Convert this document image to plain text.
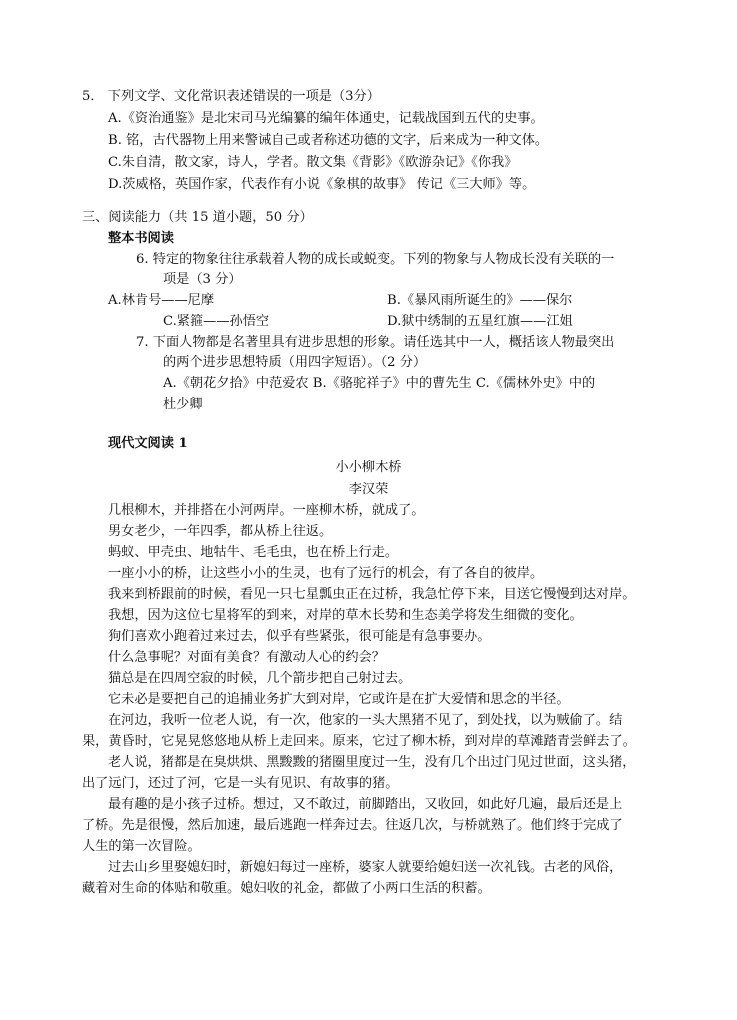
5． 下列文学、文化常识表述错误的一项是（3分）
A.《资治通鉴》是北宋司马光编纂的编年体通史，记载战国到五代的史事。
B. 铭，古代器物上用来警诫自己或者称述功德的文字，后来成为一种文体。
C.朱自清，散文家，诗人，学者。散文集《背影》《欧游杂记》《你我》
D.茨威格，英国作家，代表作有小说《象棋的故事》 传记《三大师》等。
三、阅读能力（共 15 道小题，50 分）
整本书阅读
6. 特定的物象往往承载着人物的成长或蜕变。下列的物象与人物成长没有关联的一
项是（3 分）
A.林肯号——尼摩	B.《暴风雨所诞生的》——保尔
C.紧箍——孙悟空	D.狱中绣制的五星红旗——江姐
7. 下面人物都是名著里具有进步思想的形象。请任选其中一人，概括该人物最突出
的两个进步思想特质（用四字短语）。（2 分）
A.《朝花夕拾》中范爱农 B.《骆驼祥子》中的曹先生 C.《儒林外史》中的
杜少卿
现代文阅读 1
小小柳木桥
李汉荣
几根柳木，并排搭在小河两岸。一座柳木桥，就成了。
男女老少，一年四季，都从桥上往返。
蚂蚁、甲壳虫、地牯牛、毛毛虫，也在桥上行走。
一座小小的桥，让这些小小的生灵，也有了远行的机会，有了各自的彼岸。
我来到桥跟前的时候，看见一只七星瓢虫正在过桥，我急忙停下来，目送它慢慢到达对岸。
我想，因为这位七星将军的到来，对岸的草木长势和生态美学将发生细微的变化。
狗们喜欢小跑着过来过去，似乎有些紧张，很可能是有急事要办。
什么急事呢？对面有美食？有激动人心的约会？
猫总是在四周空寂的时候，几个箭步把自己射过去。
它未必是要把自己的追捕业务扩大到对岸，它或许是在扩大爱情和思念的半径。
在河边，我听一位老人说，有一次，他家的一头大黑猪不见了，到处找，以为贼偷了。结
果，黄昏时，它晃晃悠悠地从桥上走回来。原来，它过了柳木桥，到对岸的草滩踏青尝鲜去了。
老人说，猪都是在臭烘烘、黑黢黢的猪圈里度过一生，没有几个出过门见过世面，这头猪，
出了远门，还过了河，它是一头有见识、有故事的猪。
最有趣的是小孩子过桥。想过，又不敢过，前脚踏出，又收回，如此好几遍，最后还是上
了桥。先是很慢，然后加速，最后逃跑一样奔过去。往返几次，与桥就熟了。他们终于完成了
人生的第一次冒险。
过去山乡里娶媳妇时，新媳妇每过一座桥，婆家人就要给媳妇送一次礼钱。古老的风俗，
藏着对生命的体贴和敬重。媳妇收的礼金，都做了小两口生活的积蓄。
